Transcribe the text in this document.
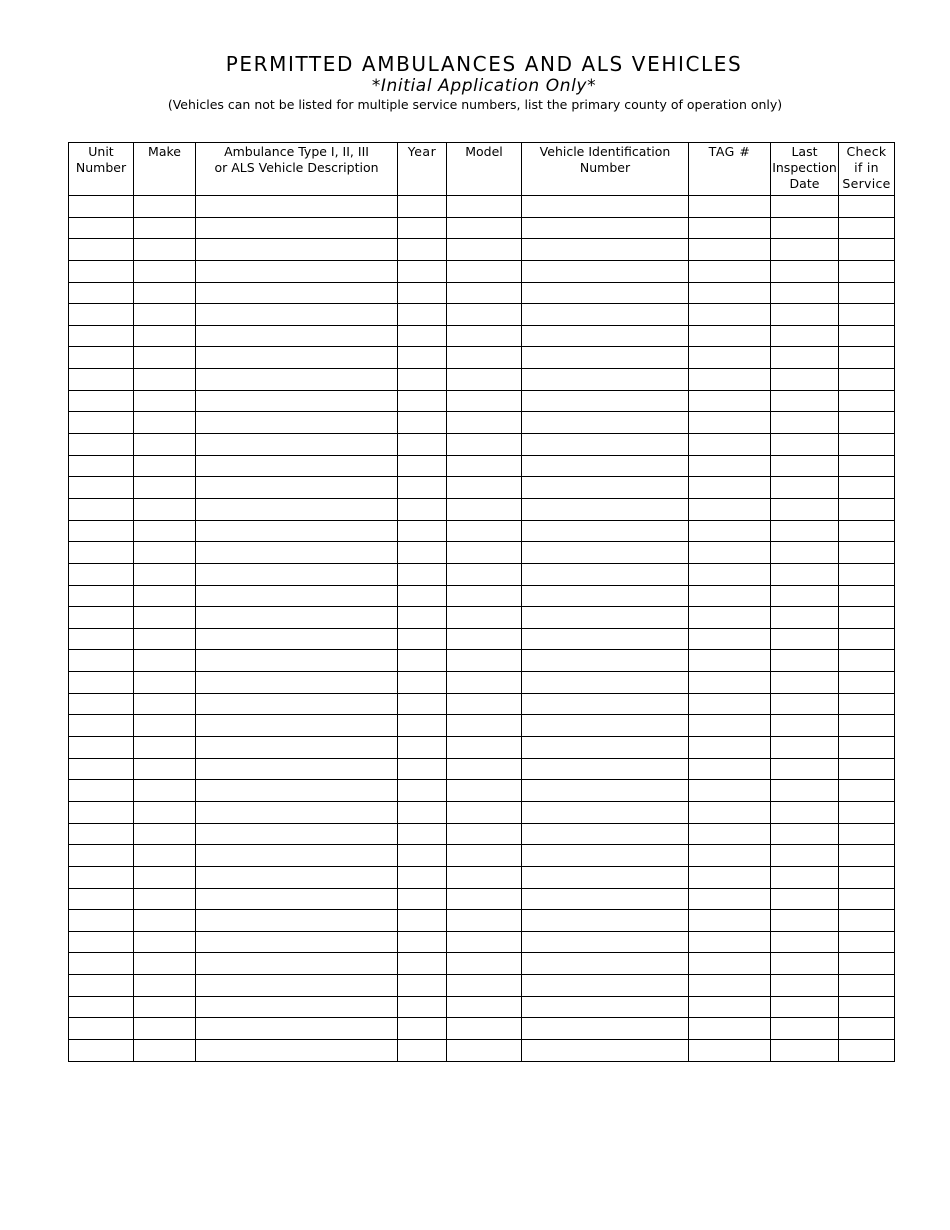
PERMITTED AMBULANCES AND ALS VEHICLES
*Initial Application Only*
(Vehicles can not be listed for multiple service numbers, list the primary county of operation only)
Unit
Number	Make	Ambulance Type I, II, III
or ALS Vehicle Description	Year	Model	Vehicle Identification
Number	TAG #	Last
Inspection
Date	Check
if in
Service
